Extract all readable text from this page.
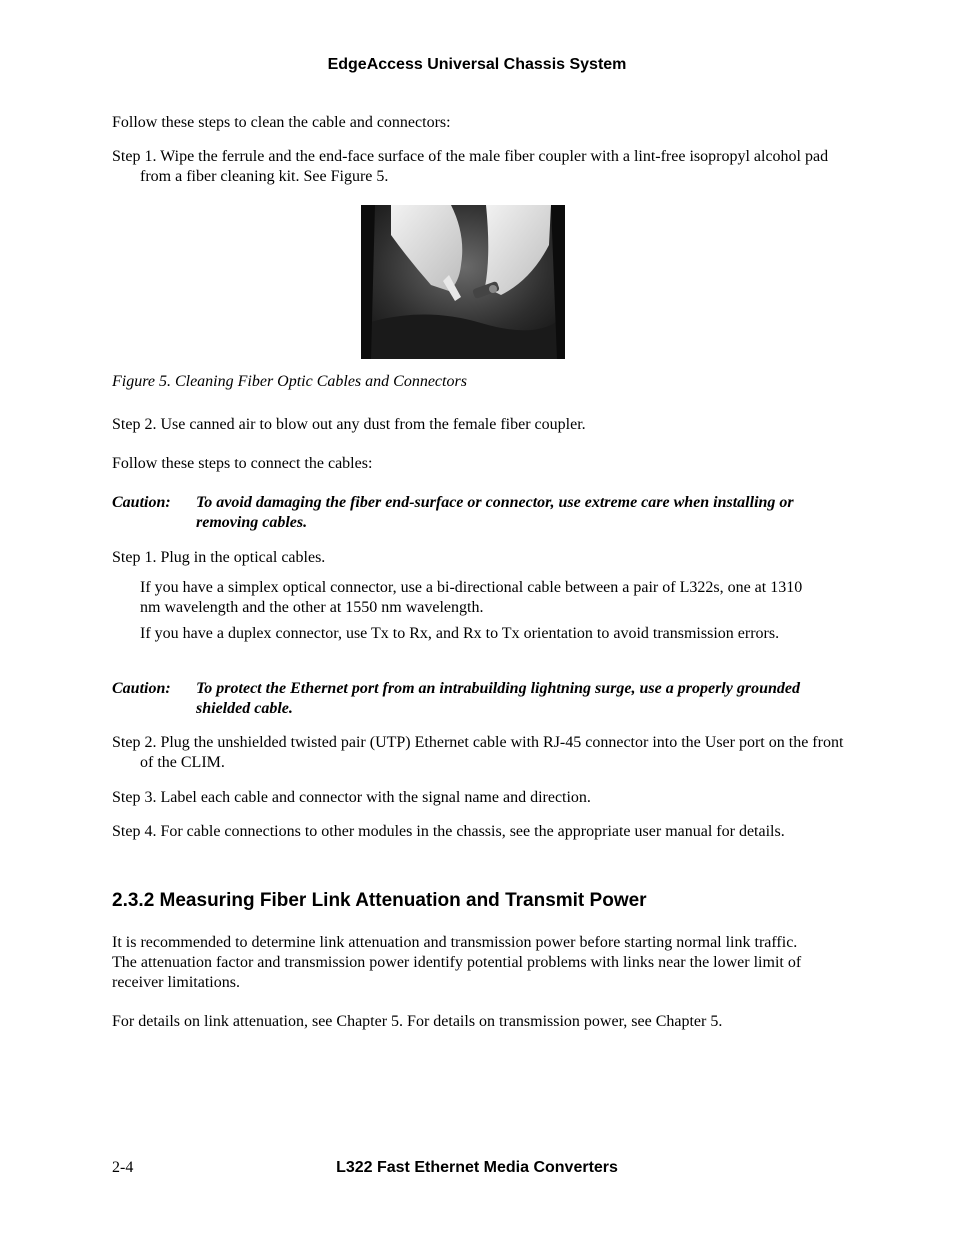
EdgeAccess Universal Chassis System
Follow these steps to clean the cable and connectors:
Step 1. Wipe the ferrule and the end-face surface of the male fiber coupler with a lint-free isopropyl alcohol pad from a fiber cleaning kit. See Figure 5.
Figure 5. Cleaning Fiber Optic Cables and Connectors
Step 2. Use canned air to blow out any dust from the female fiber coupler.
Follow these steps to connect the cables:
Caution: To avoid damaging the fiber end-surface or connector, use extreme care when installing or removing cables.
Step 1. Plug in the optical cables.
If you have a simplex optical connector, use a bi-directional cable between a pair of L322s, one at 1310 nm wavelength and the other at 1550 nm wavelength.
If you have a duplex connector, use Tx to Rx, and Rx to Tx orientation to avoid transmission errors.
Caution: To protect the Ethernet port from an intrabuilding lightning surge, use a properly grounded shielded cable.
Step 2. Plug the unshielded twisted pair (UTP) Ethernet cable with RJ-45 connector into the User port on the front of the CLIM.
Step 3. Label each cable and connector with the signal name and direction.
Step 4. For cable connections to other modules in the chassis, see the appropriate user manual for details.
2.3.2 Measuring Fiber Link Attenuation and Transmit Power
It is recommended to determine link attenuation and transmission power before starting normal link traffic. The attenuation factor and transmission power identify potential problems with links near the lower limit of receiver limitations.
For details on link attenuation, see Chapter 5. For details on transmission power, see Chapter 5.
2-4	L322 Fast Ethernet Media Converters
